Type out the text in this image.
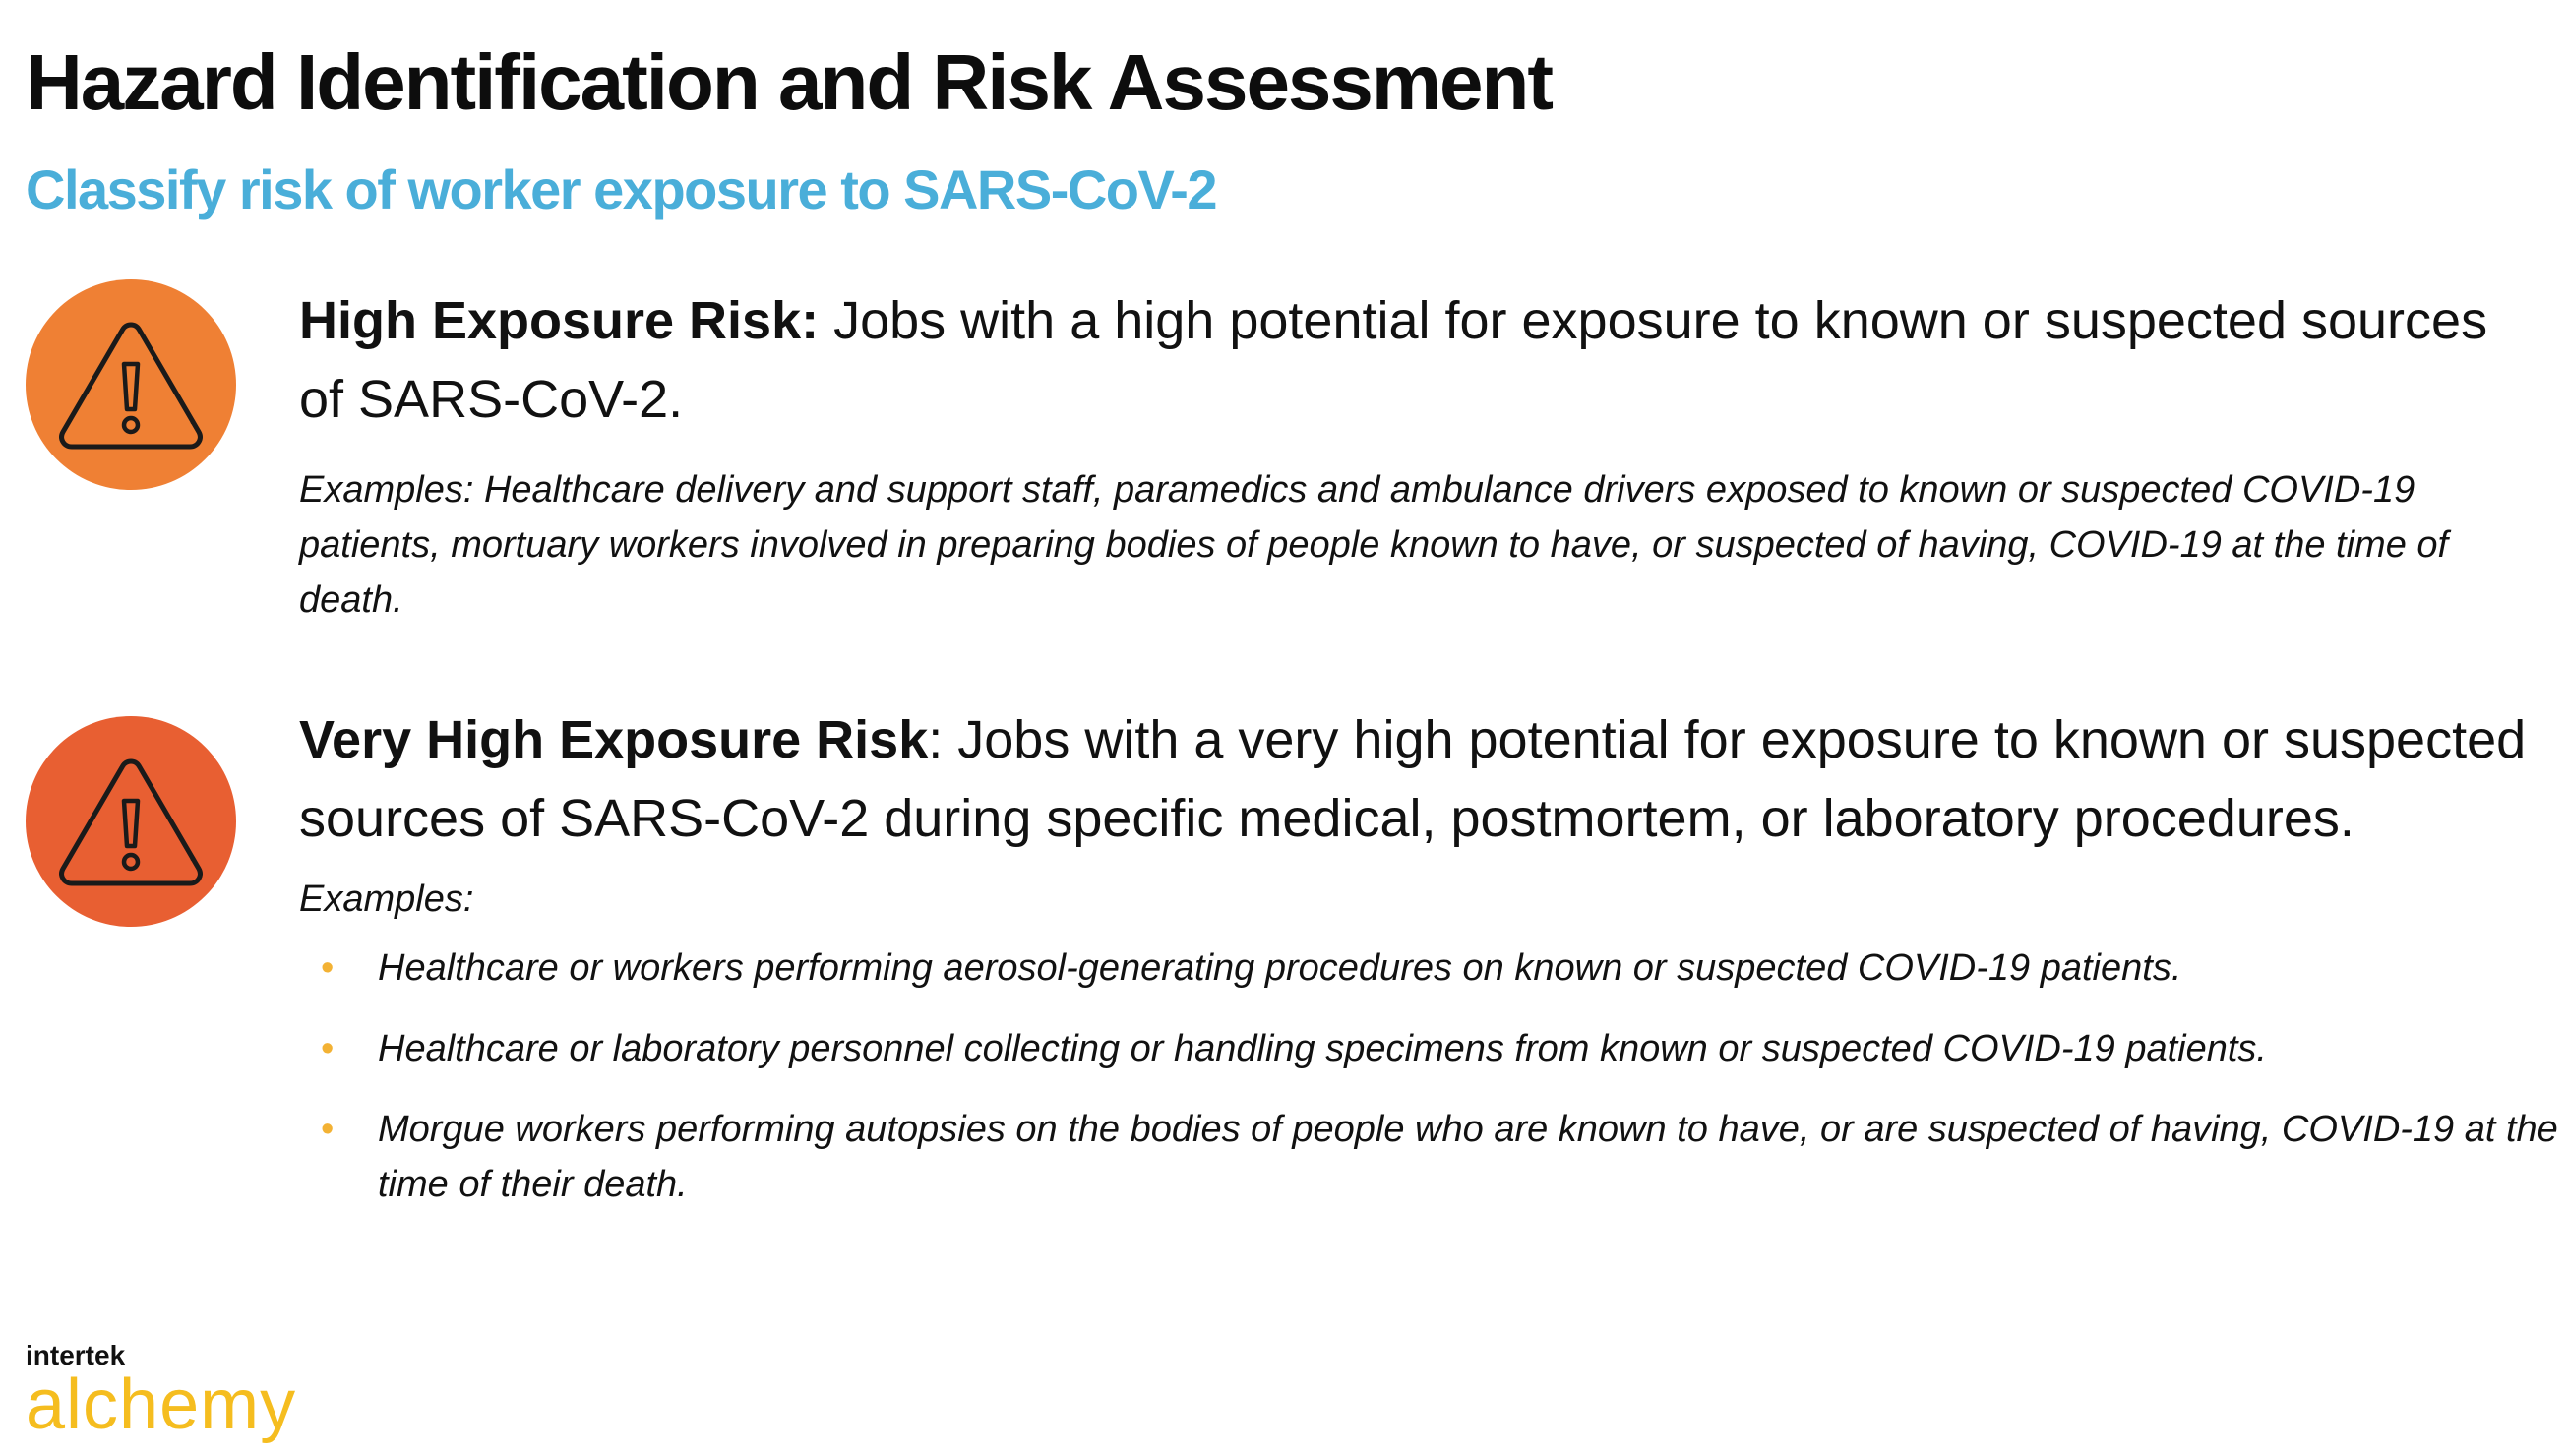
Hazard Identification and Risk Assessment
Classify risk of worker exposure to SARS-CoV-2

High Exposure Risk: Jobs with a high potential for exposure to known or suspected sources of SARS-CoV-2.

Examples: Healthcare delivery and support staff, paramedics and ambulance drivers exposed to known or suspected COVID-19 patients, mortuary workers involved in preparing bodies of people known to have, or suspected of having, COVID-19 at the time of death.

Very High Exposure Risk: Jobs with a very high potential for exposure to known or suspected sources of SARS-CoV-2 during specific medical, postmortem, or laboratory procedures.

Examples:

• Healthcare or workers performing aerosol-generating procedures on known or suspected COVID-19 patients.
• Healthcare or laboratory personnel collecting or handling specimens from known or suspected COVID-19 patients.
• Morgue workers performing autopsies on the bodies of people who are known to have, or are suspected of having, COVID-19 at the time of their death.
intertek
alchemy
